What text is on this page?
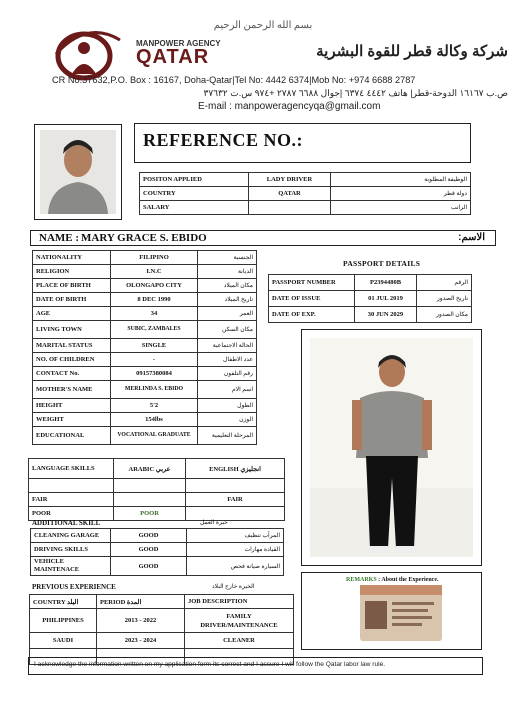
بسم الله الرحمن الرحيم
MANPOWER AGENCY
QATAR	شركة وكالة قطر للقوة البشرية
CR No:37632,P.O. Box : 16167, Doha-Qatar|Tel No: 4442 6374|Mob No: +974 6688 2787
ص.ب ١٦١٦٧ الدوحة-قطر| هاتف ٤٤٤٢ ٦٣٧٤ |جوال ٦٦٨٨ ٢٧٨٧ +٩٧٤ س.ت ٣٧٦٣٢
E-mail : manpoweragencyqa@gmail.com
REFERENCE NO.:
POSITON APPLIED	LADY DRIVER	الوظيفة المطلوبة
COUNTRY	QATAR	دولة قطر
SALARY		الراتب
NAME : MARY GRACE S. EBIDO	الاسم:
NATIONALITY	FILIPINO	الجنسية
RELIGION	I.N.C	الديانة
PLACE OF BIRTH	OLONGAPO CITY	مكان الميلاد
DATE OF BIRTH	8 DEC 1990	تاريخ الميلاد
AGE	34	العمر
LIVING TOWN	SUBIC, ZAMBALES	مكان السكن
MARITAL STATUS	SINGLE	الحالة الاجتماعية
NO. OF CHILDREN	-	عدد الاطفال
CONTACT No.	09157380084	رقم التلفون
MOTHER'S NAME	MERLINDA S. EBIDO	اسم الام
HEIGHT	5'2	الطول
WEIGHT	154lbs	الوزن
EDUCATIONAL	VOCATIONAL GRADUATE	المرحلة التعليمية
PASSPORT DETAILS
PASSPORT NUMBER	P2394480B	الرقم
DATE OF ISSUE	01 JUL 2019	تاريخ الصدور
DATE OF EXP.	30 JUN 2029	مكان الصدور
LANGUAGE SKILLS	ARABIC عربي	ENGLISH انجليزي

FAIR		FAIR
POOR	POOR	
ADDITIONAL SKILL	خبرة العمل
CLEANING GARAGE	GOOD	المرآب تنظيف
DRIVING SKILLS	GOOD	القيادة مهارات
VEHICLE MAINTENACE	GOOD	السيارة صيانة فحص
PREVIOUS EXPERIENCE	الخبرة خارج البلاد
COUNTRY البلد	PERIOD المدة	JOB DESCRIPTION
PHILIPPINES	2013 - 2022	FAMILY DRIVER/MAINTENANCE
SAUDI	2023 - 2024	CLEANER

REMARKS : About the Experience.
I acknowledge the information written on my application form its correct and I assure I will follow the Qatar labor law rule.
